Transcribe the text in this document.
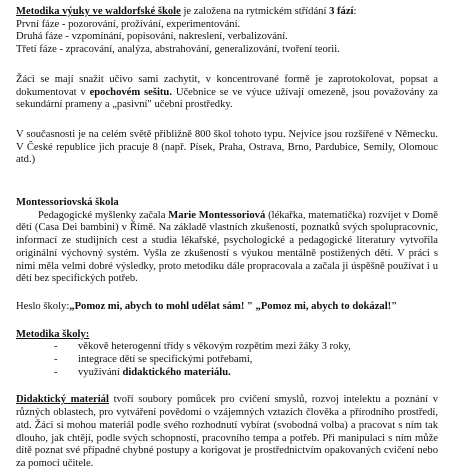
Metodika výuky ve waldorfské škole je založena na rytmickém střídání 3 fází:

První fáze - pozorování, prožívání, experimentování.

Druhá fáze - vzpomínání, popisování, nakreslení, verbalizování.

Třetí fáze - zpracování, analýza, abstrahování, generalizování, tvoření teorii.

Žáci se mají snažit učivo sami zachytit, v koncentrované formě je zaprotokolovat, popsat a dokumentovat v epochovém sešitu. Učebnice se ve výuce užívají omezeně, jsou považovány za sekundární prameny a „pasivní" učební prostředky.

V současnosti je na celém světě přibližně 800 škol tohoto typu. Nejvíce jsou rozšířené v Německu. V České republice jich pracuje 8 (např. Písek, Praha, Ostrava, Brno, Pardubice, Semily, Olomouc atd.)

Montessoriovská škola

Pedagogické myšlenky začala Marie Montessoriová (lékařka, matematička) rozvíjet v Domě dětí (Casa Dei bambini) v Římě. Na základě vlastních zkušeností, poznatků svých spolupracovnic, informací ze studijních cest a studia lékařské, psychologické a pedagogické literatury vytvořila originální výchovný systém. Vyšla ze zkušeností s výukou mentálně postižených dětí. V práci s nimi měla velmi dobré výsledky, proto metodiku dále propracovala a začala ji úspěšně používat i u dětí bez specifických potřeb.

Heslo školy:„Pomoz mi, abych to mohl udělat sám! " „Pomoz mi, abych to dokázal!"

Metodika školy:

- věkově heterogenní třídy s věkovým rozpětím mezi žáky 3 roky,
- integrace dětí se specifickými potřebami,
- využívání didaktického materiálu.

Didaktický materiál tvoří soubory pomůcek pro cvičení smyslů, rozvoj intelektu a poznání v různých oblastech, pro vytváření povědomí o vzájemných vztazích člověka a přírodního prostředí, atd. Žáci si mohou materiál podle svého rozhodnutí vybírat (svobodná volba) a pracovat s ním tak dlouho, jak chtějí, podle svých schopností, pracovního tempa a potřeb. Při manipulaci s ním může dítě poznat své případné chybné postupy a korigovat je prostřednictvím opakovaných cvičení nebo za pomoci učitele.
